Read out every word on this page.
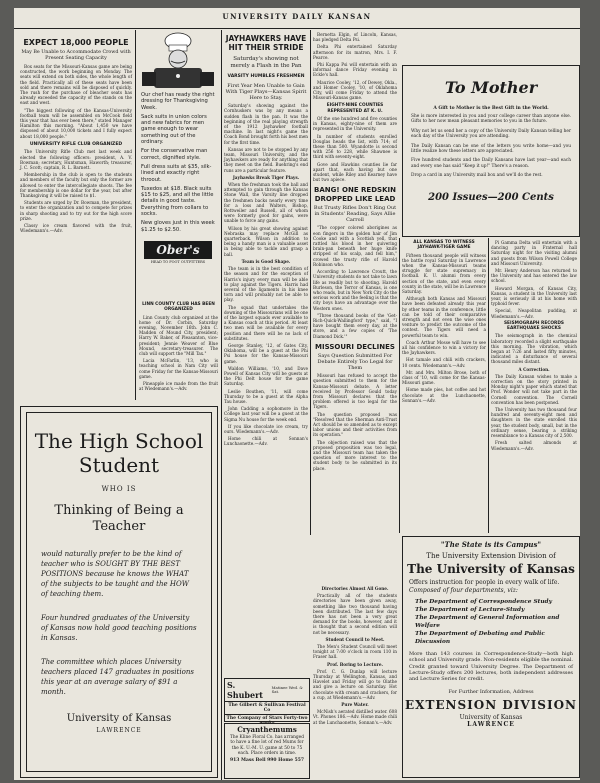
UNIVERSITY DAILY KANSAN

EXPECT 18,000 PEOPLE

May Be Unable to Accommodate Crowd with Present Seating Capacity

Box seats for the Missouri-Kansas game are being constructed, the work beginning on Monday. The seats will extend on both sides, the whole length of the field. Practically all of these seats have been sold and there remains will be disposed of quickly. The rush for the purchase of bleacher seats has already exceeded the capacity of the stands on the east and west.

"The biggest following of the Kansas-University football team will be assembled on McCook field this year that has ever been there," stated Manager Hamilton this morning. "About 1,450 we have disposed of about 10,000 tickets and I fully expect about 18,000 people."

UNIVERSITY RIFLE CLUB ORGANIZED

The University Rifle Club met last week and elected the following officers: president, A. V. Bowman; secretary, Huntsman, Haworth; treasurer, J. C. Scott; captain, R. L. Barnett.

Membership in the club is open to the students and members of the faculty but only the former are allowed to enter the intercollegiate shoots. The fee for membership is one dollar for the year, but after Thanksgiving it will be raised to $1.

Students are urged by Dr. Bowman, the president, to enter the organization and to compete for prizes in sharp shooting and to try out for the high score prize.

Classy ice cream flavored with the fruit, Wiedemann's.—Adv.

Our chef has ready the right dressing for Thanksgiving Week.

Sack suits in union colors and new fabrics for men game enough to wear something out of the ordinary.

For the conservative man correct, dignified style.

Full dress suits at $35, silk-lined and exactly right throout.

Tuxedos at $18. Black suits $15 to $25, and all the little details in good taste. Everything from collars to socks.

New gloves just in this week $1.25 to $2.50.

Ober's
HEAD TO FOOT OUTFITTERS

LINN COUNTY CLUB HAS BEEN ORGANIZED

Linn County club organized at the home of Dr. Corbin, Saturday evening, November 16th. John C. Madden of Mound City, president; Harry W. Baker, of Pleasanton, vice-president; Jennie Weaver of Blue Mound, secretary-treasurer. The club will support the "Mill Tax."

Lacia McFarlin, '13, who is teaching school in Nam City will come Friday for the Kansas-Missouri game.

Pineapple ice made from the fruit at Wiedemann's.—Adv.

The High School
Student
WHO IS
Thinking of Being a
Teacher
would naturally prefer to be the kind of teacher who is SOUGHT BY THE BEST POSITIONS because he knows the WHAT of the subjects to be taught and the HOW of teaching them.
Four hundred graduates of the University of Kansas now hold good teaching positions in Kansas.
The committee which places University teachers placed 147 graduates in positions this year at an average salary of $91 a month.
University of Kansas
LAWRENCE

JAYHAWKERS HAVE HIT THEIR STRIDE

Saturday's showing not merely a Flash in the Pan

VARSITY HUMBLES FRESHMEN

First Year Men Unable to Gain With Tiger Plays—Kansas Spirit Here to Stay.

Saturday's showing against the Cornhuskers was by any means a sudden flash in the pan. It was the beginning of the real playing strength of the 1912 Jayhawker football machine. In last night's game the Coach Bond brought forth his best men for the first time.

Kansas are not to be stopped by any team, Missouri University, and the Jayhawkers are ready for anything that they meet on the field. Buehring's end runs are a particular feature.

Jayhawks Break Tiger Plays.

When the freshman took the ball and attempted to gain through the Kansas Stone Wall, the Varsity line dropped the freshmen backs nearly every time for a loss and Walters, Bishop, Rottweiler and Russell, all of whom were formerly good for gains, were unable to force any gains.

Wilson by his great showing against Nebraska may replace McGill as quarterback. Wilson in addition to being a handy man is a valuable asset in being able to tackle and grasp a ball.

Team is Good Shape.

The team is in the best condition of the season and for the exception of Harris's injury every man will be able to play against the Tigers. Harris had several of the ligaments in his knee torn and will probably not be able to play.

The squad that undertakes the downing of the Missourians will be one of the largest squads ever available to a Kansas coach at this period. At least two men will be available for every position and there will be no lack of substitutes.

George Stanley, '12, of Gates City, Oklahoma, will be a guest at the Phi Psi house for the Kansas-Missouri game.

Waldon Williams, '10, and Dave Powell of Kansas City will be guests at the Phi Delt house for the game Saturday.

Leslie Bouthen, '11, will come Thursday to be a guest at the Alpha Tau house.

John Cadding a sophomore in the College last year will be a guest at the Sigma Nu house for the week end.

If you like chocolate ice cream, try ours. Wiedemann's.—Adv.

Home chili at Sonnan's Lunchaonette.—Adv.

S. Shubert
Matinee Wed. & Sat.
The Gilbert & Sullivan Festival Co
The Company of Stars Forty-two
Cryanthemums
The Kline Floral Co. has arranged to have a fine lot of red Mums for the K. U.-M. U. game at 50 to 75 each. Place orders in time.
913 Mass Bell 990 Home 557

Bernetta Elgin, of Lincoln, Kansas, has pledged Delta Psi.

Delta Phi entertained Saturday afternoon for its matron, Mrs. I. F. Pearce.

Phi Kappa Psi will entertain with an informal dance Friday evening in Eckle's hall.

Maurice Cooley, '12, of Dewey, Okla., and Homer Cooley, '10, of Oklahoma City, will come Friday to attend the Missouri-Kansas game.

EIGHTY-NINE COUNTIES REPRESENTED AT K. U.

Of the one hundred and five counties in Kansas, eighty-nine of them are represented in the University.

In number of students enrolled Douglas heads the list, with 714; of these than 500. Wyandotte is second with 256 to 228, while Shawnee is third with seventy-eight.

Gove and Hawkins counties lie far apart that, each having but one student, while Riley and Kearney have but two apiece.

BANG! ONE REDSKIN DROPPED LIKE LEAD

But Trusty Rifles Don't Ring Out in Students' Reading, Says Allie Carroll

"The copper colored aborigines as eon fingers in the golden hair of Jim Cooke and with a Scottish yell, that rattled his blood in her quivering brain-pan beneath her huge knife stripped of his scalp, and fell him," crowed the trusty rifle of Harold Robinson who.

According to Lawrence Croutt, the University students do not take to lawn life as readily but to shooting. Harold Burleson, the Terror of Kansas, is one who reads, but in New York City do the serious work and the feeling is that the city boys have an advantage over the Western ones.

"Three thousand books of the 'Get-Rich-Quick-Wallingford' type," said, "I have bought them every day, at the store, and a few copies of 'The Diamond Dick.'"

MISSOURI DECLINES

Says Question Submitted For Debate Entirely Too Legal for Them

Missouri has refused to accept the question submitted to them for the Kansas-Missouri debate. A letter received by Professor Gould today from Missouri declares that the problem offered is too legal for the Tigers.

The question proposed was "Resolved that the Sherman Anti-Trust Act should be so amended as to except labor unions and their activities from its operation."

The objection raised was that the proposed proposition was too legal, and the Missouri team has taken the question of more interest to the student body to be submitted in its place.

Directories Almost All Gone.

Practically all of the students directories have been given away, something like two thousand having been distributed. The last few days there has not been a very great demand for the books, however, and it is thought that a second edition will not be necessary.

Student Council to Meet.

The Men's Student Council will meet tonight at 7:00 o'clock in room 110 in Fraser hall.

Prof. Boring to Lecture.

Prof. C. G. Dunlap will lecture Thursday at Wellington, Kansas, and Havelet and Friday will go to Olathe and give a lecture on Saturday. Hot chocolate with cream and crackers, for a cup, at Wiedemann's.—Adv.

Pure Water.

McNish's aerated distilled water. 608 Vt. Phones 186.—Adv. Home made chili at the Lunchaonette, Sonnan's.—Adv.

To Mother
A Gift to Mother is the Best Gift in the World.

She is more interested in you and your college career than anyone else. Gifts to her now mean pleasant memories to you in the future.

Why not let us send her a copy of the University Daily Kansan telling her each day of the University you are attending.

The Daily Kansan can be one of the letters you write home—and you little realize how these letters are appreciated.

Five hundred students and the Daily Kansans have last year—and each and every one has said "Keep it up!" There's a reason.

Drop a card in any University mail box and we'll do the rest.

200 Issues—200 Cents

ALL KANSAS TO WITNESS JAYHAWK-TIGER GAME

Fifteen thousand people will witness the battle royal Saturday in Lawrence when the Kansas-Missouri teams struggle for state supremacy in football. K. U. alumni from every section of the state, and even every county in the state, will be in Lawrence Saturday.

Although both Kansas and Missouri have been defeated already this year by other teams in the conference, little can be told of their comparative strength and not even the wise ones venture to predict the outcome of the contest. The Tigers will need a powerful team to win.

Coach Arthur Mosse will have to see all his confidence to win a victory for the Jayhawkers.

Hot tamale and chili with crackers, 10 cents. Wiedemann's.—Adv.

Mr. and Mrs. Milton Brose, both of class of '10, will come for the Kansas-Missouri game.

Home made pies, hot coffee and hot chocolate at the Lunchaonette, Sonnan's.—Adv.

Pi Gamma Delta will entertain with a dancing party in Fraternal hall Saturday night for the visiting alumni and guests from Wilson Powell College and Missouri University.

Mr. Henry Anderson has returned to the University and has entered the law school.

Howard Morgan, of Kansas City, Kansas, a student in the University last year, is seriously ill at his home with typhoid fever.

Special, Neapolitan pudding, at Wiedemann's.—Adv.

SEISMOGRAPH RECORDS EARTHQUAKE SHOCKS

The seismograph in the chemical laboratory recorded a slight earthquake this morning. The vibration, which began at 7:26 and lasted fifty minutes, indicated a disturbance of several thousand miles distant.

A Correction.

The Daily Kansan wishes to make a correction on the story printed in Monday night's paper which stated that Prof. Wonder will not take part in the Cornell convention. The Cornell convention has been postponed.

The University has two thousand four hundred and seventy-eight men and daughters in the state enrolled this year, the student body, small, but in the ordinary sense, bearing a striking resemblance to a Kansas city of 2,500.

Fresh salted almonds at Wiedemann's.—Adv.

"The State is its Campus"
The University Extension Division of
The University of Kansas
Offers instruction for people in every walk of life. Composed of four departments, viz:
The Department of Correspondence Study
The Department of Lecture-Study
The Department of General Information and Welfare
The Department of Debating and Public Discussion
More than 143 courses in Correspondence-Study—both high school and University grade. Non-residents eligible the nominal. Credit granted toward University Degree. The Department of Lecture-Study offers 200 lectures, both independent addresses and Lecture Series for credit.
For Further Information, Address
EXTENSION DIVISION
University of Kansas
LAWRENCE
